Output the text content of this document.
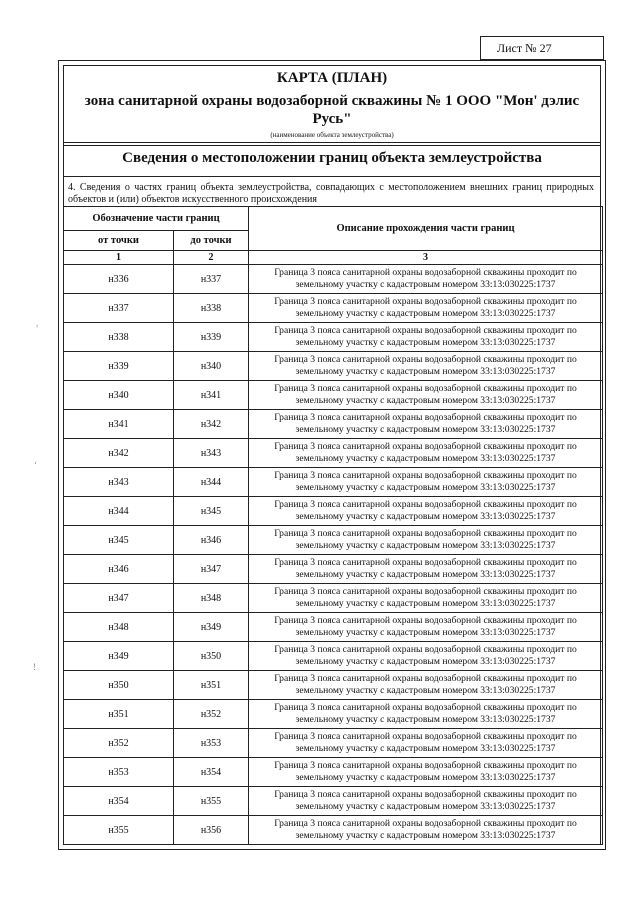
Лист № 27
КАРТА (ПЛАН)
зона санитарной охраны водозаборной скважины № 1 ООО "Мон' дэлис Русь"
(наименование объекта землеустройства)
Сведения о местоположении границ объекта землеустройства
4. Сведения о частях границ объекта землеустройства, совпадающих с местоположением внешних границ природных объектов и (или) объектов искусственного происхождения
Обозначение части границ		Описание прохождения части границ
от точки	до точки	
1	2	3
н336	н337	Граница 3 пояса санитарной охраны водозаборной скважины проходит по земельному участку с кадастровым номером 33:13:030225:1737
н337	н338	Граница 3 пояса санитарной охраны водозаборной скважины проходит по земельному участку с кадастровым номером 33:13:030225:1737
н338	н339	Граница 3 пояса санитарной охраны водозаборной скважины проходит по земельному участку с кадастровым номером 33:13:030225:1737
н339	н340	Граница 3 пояса санитарной охраны водозаборной скважины проходит по земельному участку с кадастровым номером 33:13:030225:1737
н340	н341	Граница 3 пояса санитарной охраны водозаборной скважины проходит по земельному участку с кадастровым номером 33:13:030225:1737
н341	н342	Граница 3 пояса санитарной охраны водозаборной скважины проходит по земельному участку с кадастровым номером 33:13:030225:1737
н342	н343	Граница 3 пояса санитарной охраны водозаборной скважины проходит по земельному участку с кадастровым номером 33:13:030225:1737
н343	н344	Граница 3 пояса санитарной охраны водозаборной скважины проходит по земельному участку с кадастровым номером 33:13:030225:1737
н344	н345	Граница 3 пояса санитарной охраны водозаборной скважины проходит по земельному участку с кадастровым номером 33:13:030225:1737
н345	н346	Граница 3 пояса санитарной охраны водозаборной скважины проходит по земельному участку с кадастровым номером 33:13:030225:1737
н346	н347	Граница 3 пояса санитарной охраны водозаборной скважины проходит по земельному участку с кадастровым номером 33:13:030225:1737
н347	н348	Граница 3 пояса санитарной охраны водозаборной скважины проходит по земельному участку с кадастровым номером 33:13:030225:1737
н348	н349	Граница 3 пояса санитарной охраны водозаборной скважины проходит по земельному участку с кадастровым номером 33:13:030225:1737
н349	н350	Граница 3 пояса санитарной охраны водозаборной скважины проходит по земельному участку с кадастровым номером 33:13:030225:1737
н350	н351	Граница 3 пояса санитарной охраны водозаборной скважины проходит по земельному участку с кадастровым номером 33:13:030225:1737
н351	н352	Граница 3 пояса санитарной охраны водозаборной скважины проходит по земельному участку с кадастровым номером 33:13:030225:1737
н352	н353	Граница 3 пояса санитарной охраны водозаборной скважины проходит по земельному участку с кадастровым номером 33:13:030225:1737
н353	н354	Граница 3 пояса санитарной охраны водозаборной скважины проходит по земельному участку с кадастровым номером 33:13:030225:1737
н354	н355	Граница 3 пояса санитарной охраны водозаборной скважины проходит по земельному участку с кадастровым номером 33:13:030225:1737
н355	н356	Граница 3 пояса санитарной охраны водозаборной скважины проходит по земельному участку с кадастровым номером 33:13:030225:1737
,
‘
!
